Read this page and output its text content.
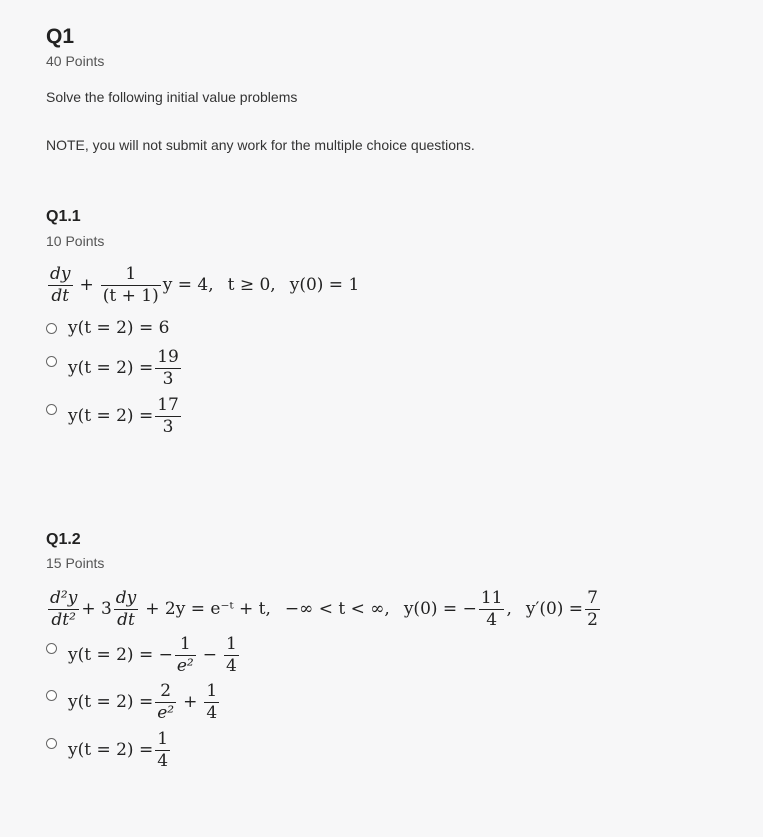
Q1
40 Points
Solve the following initial value problems
NOTE, you will not submit any work for the multiple choice questions.
Q1.1
10 Points
$\frac{dy}{dt} + \frac{1}{(t + 1)}$ y = 4, t ≥ 0, y(0) = 1
y(t = 2) = 6
$y(t = 2) = \frac{19}{3}$
$y(t = 2) = \frac{17}{3}$
Q1.2
15 Points
$\frac{\text{d²y}}{\text{dt²}} + 3 \frac{dy}{dt} + 2y$ = e⁻ᵗ + t, −∞ < t < ∞, y(0) = − $\frac{11}{4}$ , $y'(0) = \frac{7}{2}$
y(t = 2) = − $\frac{1}{\text{e²}} - \frac{1}{4}$
$y(t = 2) = \frac{2}{\text{e²}} + \frac{1}{4}$
$y(t = 2) = \frac{1}{4}$
